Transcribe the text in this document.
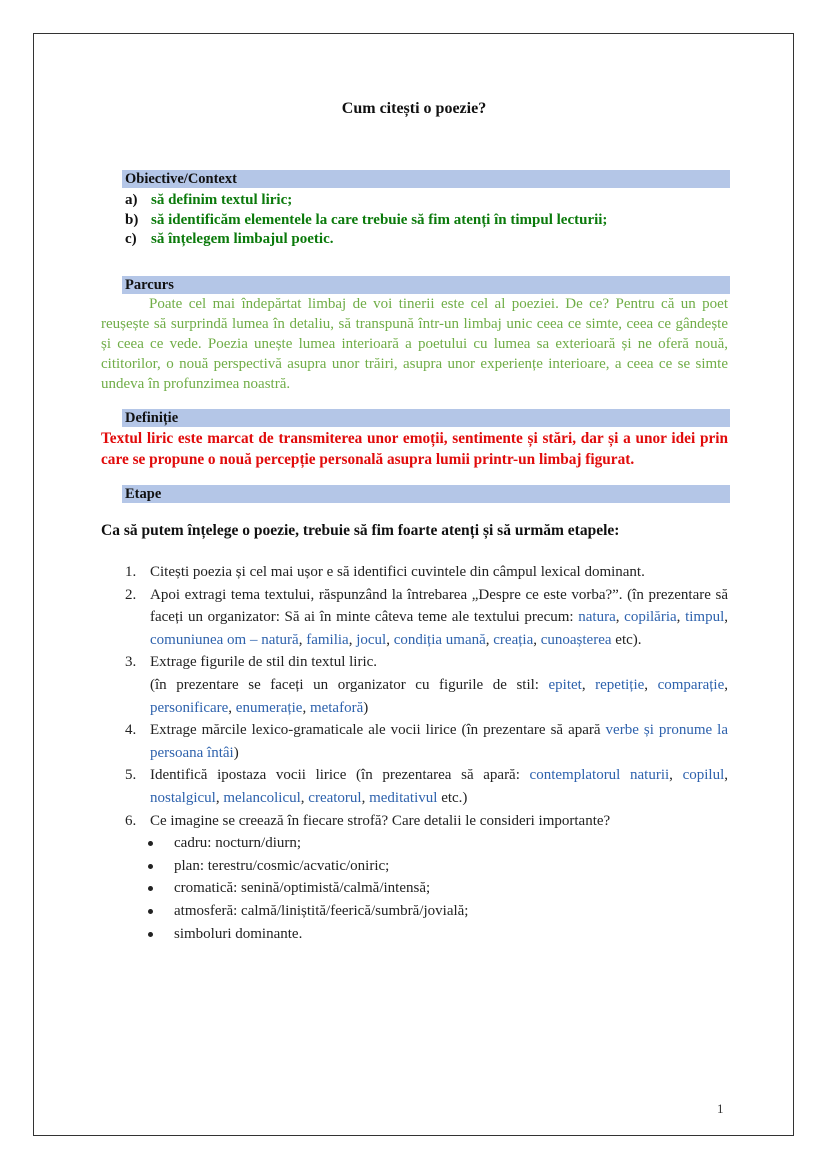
Cum citești o poezie?
Obiective/Context
a) să definim textul liric;
b) să identificăm elementele la care trebuie să fim atenți în timpul lecturii;
c) să înțelegem limbajul poetic.
Parcurs
Poate cel mai îndepărtat limbaj de voi tinerii este cel al poeziei. De ce? Pentru că un poet reușește să surprindă lumea în detaliu, să transpună într-un limbaj unic ceea ce simte, ceea ce gândește și ceea ce vede. Poezia unește lumea interioară a poetului cu lumea sa exterioară și ne oferă nouă, cititorilor, o nouă perspectivă asupra unor trăiri, asupra unor experiențe interioare, a ceea ce se simte undeva în profunzimea noastră.
Definiție
Textul liric este marcat de transmiterea unor emoții, sentimente și stări, dar și a unor idei prin care se propune o nouă percepție personală asupra lumii printr-un limbaj figurat.
Etape
Ca să putem înțelege o poezie, trebuie să fim foarte atenți și să urmăm etapele:
1. Citești poezia și cel mai ușor e să identifici cuvintele din câmpul lexical dominant.
2. Apoi extragi tema textului, răspunzând la întrebarea „Despre ce este vorba?”. (în prezentare să faceți un organizator: Să ai în minte câteva teme ale textului precum: natura, copilăria, timpul, comuniunea om – natură, familia, jocul, condiția umană, creația, cunoașterea etc).
3. Extrage figurile de stil din textul liric.
(în prezentare se faceți un organizator cu figurile de stil: epitet, repetiție, comparație, personificare, enumerație, metaforă)
4. Extrage mărcile lexico-gramaticale ale vocii lirice (în prezentare să apară verbe și pronume la persoana întâi)
5. Identifică ipostaza vocii lirice (în prezentarea să apară: contemplatorul naturii, copilul, nostalgicul, melancolicul, creatorul, meditativul etc.)
6. Ce imagine se creează în fiecare strofă? Care detalii le consideri importante?
cadru: nocturn/diurn;
plan: terestru/cosmic/acvatic/oniric;
cromatică: senină/optimistă/calmă/intensă;
atmosferă: calmă/liniștită/feerică/sumbră/jovială;
simboluri dominante.
1
